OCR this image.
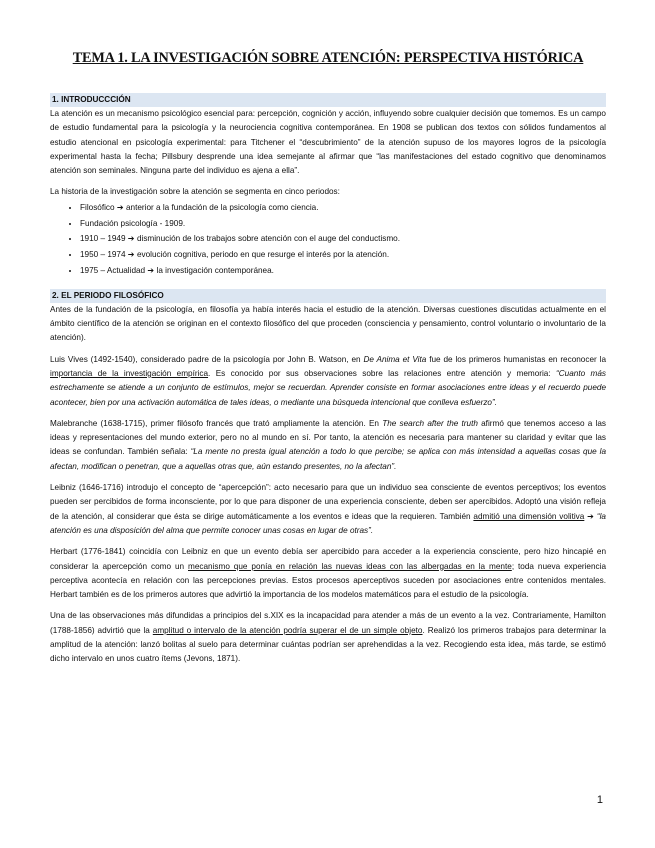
TEMA 1. LA INVESTIGACIÓN SOBRE ATENCIÓN: PERSPECTIVA HISTÓRICA
1. INTRODUCCCIÓN

La atención es un mecanismo psicológico esencial para: percepción, cognición y acción, influyendo sobre cualquier decisión que tomemos. Es un campo de estudio fundamental para la psicología y la neurociencia cognitiva contemporánea. En 1908 se publican dos textos con sólidos fundamentos al estudio atencional en psicología experimental: para Titchener el “descubrimiento” de la atención supuso de los mayores logros de la psicología experimental hasta la fecha; Pillsbury desprende una idea semejante al afirmar que “las manifestaciones del estado cognitivo que denominamos atención son seminales. Ninguna parte del individuo es ajena a ella”.

La historia de la investigación sobre la atención se segmenta en cinco periodos:

• Filosófico ➔ anterior a la fundación de la psicología como ciencia.
• Fundación psicología - 1909.
• 1910 – 1949 ➔ disminución de los trabajos sobre atención con el auge del conductismo.
• 1950 – 1974 ➔ evolución cognitiva, periodo en que resurge el interés por la atención.
• 1975 – Actualidad ➔ la investigación contemporánea.
2. EL PERIODO FILOSÓFICO

Antes de la fundación de la psicología, en filosofía ya había interés hacia el estudio de la atención. Diversas cuestiones discutidas actualmente en el ámbito científico de la atención se originan en el contexto filosófico del que proceden (consciencia y pensamiento, control voluntario o involuntario de la atención).

Luis Vives (1492-1540), considerado padre de la psicología por John B. Watson, en De Anima et Vita fue de los primeros humanistas en reconocer la importancia de la investigación empírica. Es conocido por sus observaciones sobre las relaciones entre atención y memoria: “Cuanto más estrechamente se atiende a un conjunto de estímulos, mejor se recuerdan. Aprender consiste en formar asociaciones entre ideas y el recuerdo puede acontecer, bien por una activación automática de tales ideas, o mediante una búsqueda intencional que conlleva esfuerzo”.

Malebranche (1638-1715), primer filósofo francés que trató ampliamente la atención. En The search after the truth afirmó que tenemos acceso a las ideas y representaciones del mundo exterior, pero no al mundo en sí. Por tanto, la atención es necesaria para mantener su claridad y evitar que las ideas se confundan. También señala: “La mente no presta igual atención a todo lo que percibe; se aplica con más intensidad a aquellas cosas que la afectan, modifican o penetran, que a aquellas otras que, aún estando presentes, no la afectan”.

Leibniz (1646-1716) introdujo el concepto de “apercepción”: acto necesario para que un individuo sea consciente de eventos perceptivos; los eventos pueden ser percibidos de forma inconsciente, por lo que para disponer de una experiencia consciente, deben ser apercibidos. Adoptó una visión refleja de la atención, al considerar que ésta se dirige automáticamente a los eventos e ideas que la requieren. También admitió una dimensión volitiva ➔ “la atención es una disposición del alma que permite conocer unas cosas en lugar de otras”.

Herbart (1776-1841) coincidía con Leibniz en que un evento debía ser apercibido para acceder a la experiencia consciente, pero hizo hincapié en considerar la apercepción como un mecanismo que ponía en relación las nuevas ideas con las albergadas en la mente; toda nueva experiencia perceptiva acontecía en relación con las percepciones previas. Estos procesos aperceptivos suceden por asociaciones entre contenidos mentales. Herbart también es de los primeros autores que advirtió la importancia de los modelos matemáticos para el estudio de la psicología.

Una de las observaciones más difundidas a principios del s.XIX es la incapacidad para atender a más de un evento a la vez. Contrariamente, Hamilton (1788-1856) advirtió que la amplitud o intervalo de la atención podría superar el de un simple objeto. Realizó los primeros trabajos para determinar la amplitud de la atención: lanzó bolitas al suelo para determinar cuántas podrían ser aprehendidas a la vez. Recogiendo esta idea, más tarde, se estimó dicho intervalo en unos cuatro ítems (Jevons, 1871).

1
